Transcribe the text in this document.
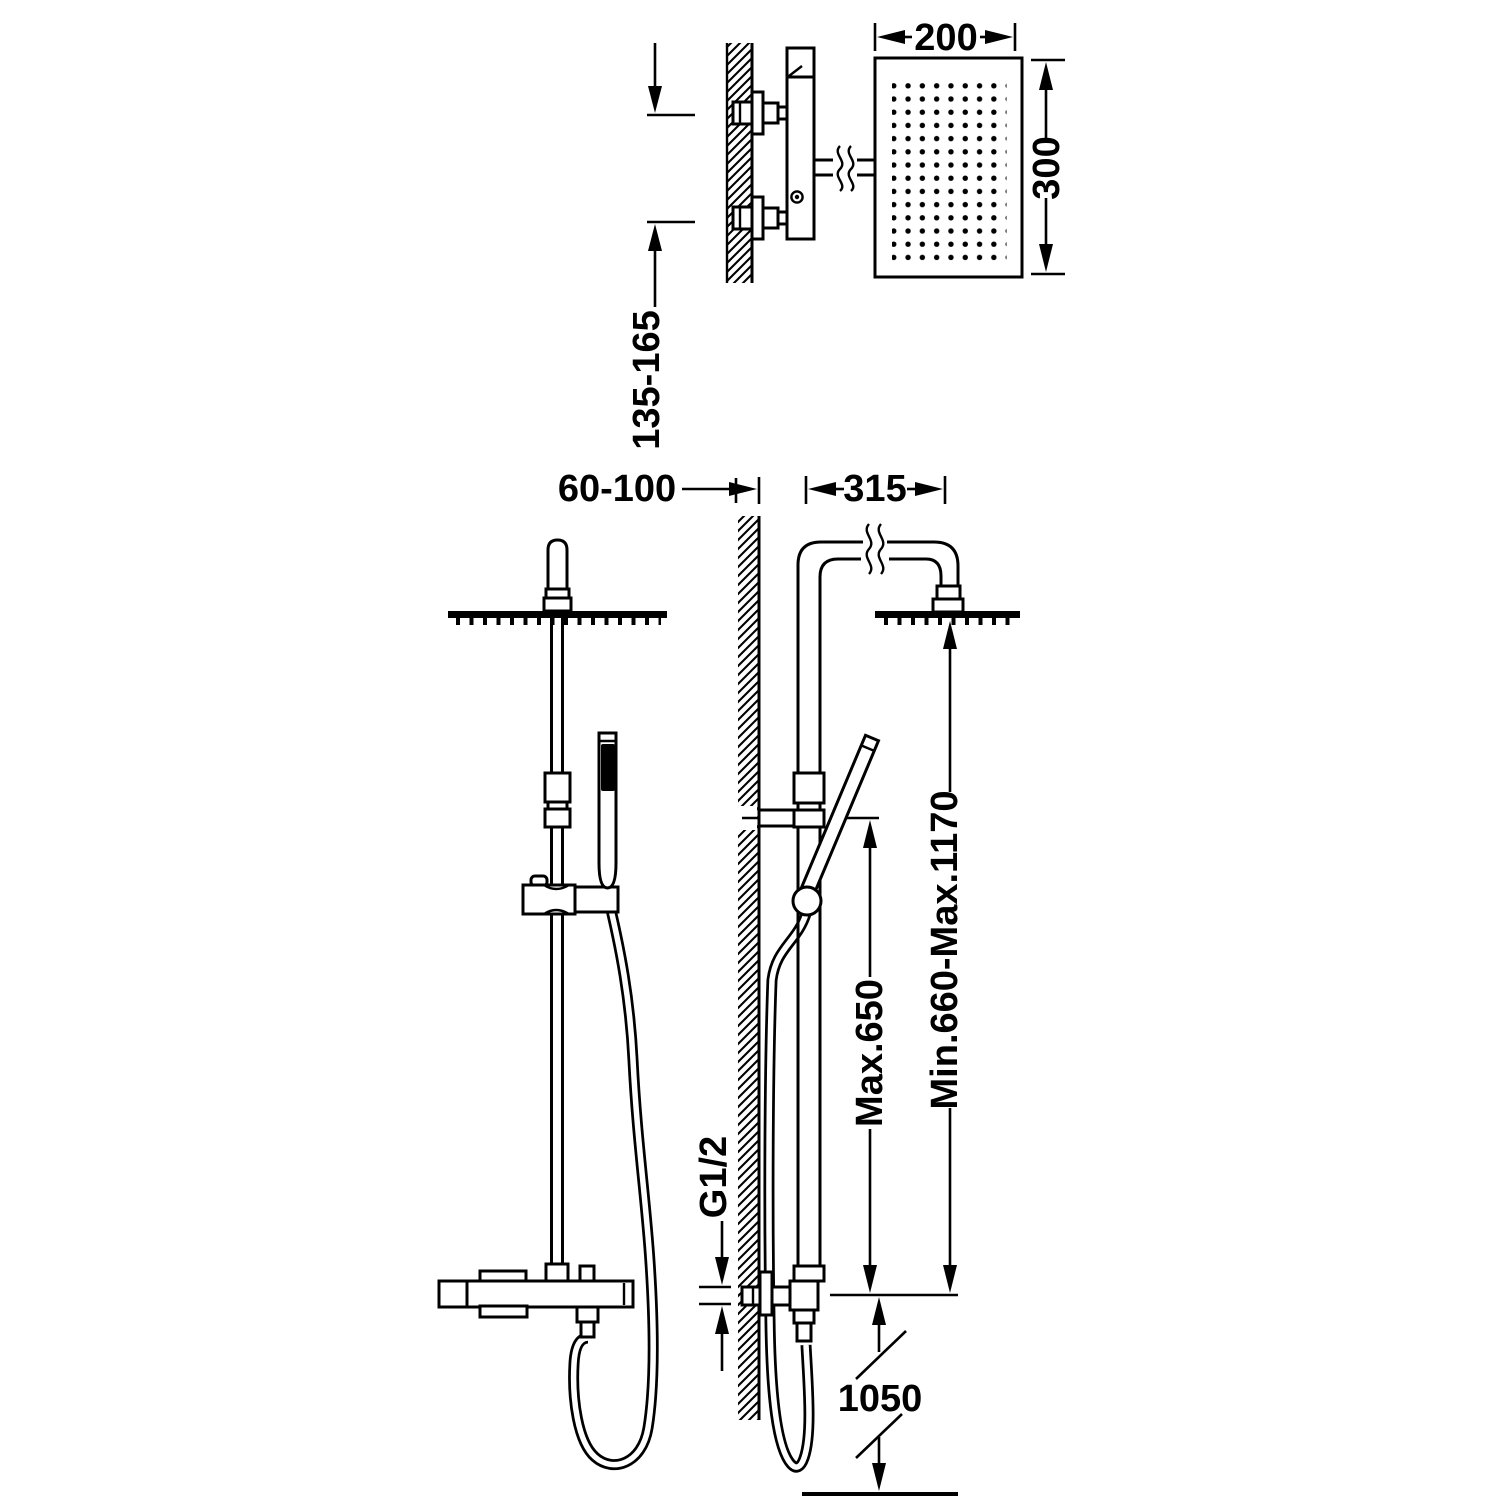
200
300
135-165
60-100	315
Max.650 Min.660-Max.1170
G1/2
1050
